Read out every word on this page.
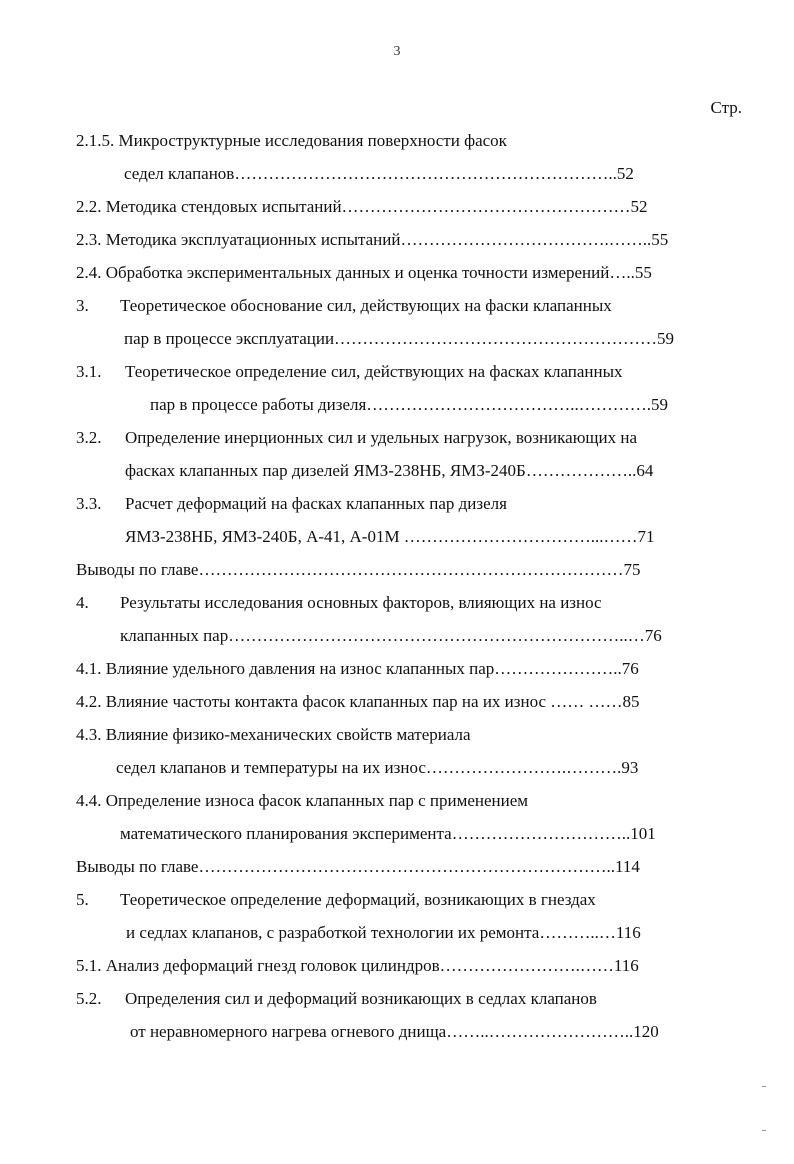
3
Стр.
2.1.5. Микроструктурные исследования поверхности фасок
седел клапанов…………………………………………………………..52
2.2. Методика стендовых испытаний……………………………………………52
2.3. Методика эксплуатационных испытаний……………………………….……..55
2.4. Обработка экспериментальных данных и оценка точности измерений…..55
3. Теоретическое обоснование сил, действующих на фаски клапанных
пар в процессе эксплуатации…………………………………………………59
3.1. Теоретическое определение сил, действующих на фасках клапанных
пар в процессе работы дизеля………………………………..………….59
3.2. Определение инерционных сил и удельных нагрузок, возникающих на
фасках клапанных пар дизелей ЯМЗ-238НБ, ЯМЗ-240Б………………..64
3.3. Расчет деформаций на фасках клапанных пар дизеля
ЯМЗ-238НБ, ЯМЗ-240Б, А-41, А-01М ……………………………...……71
Выводы по главе…………………………………………………………………75
4. Результаты исследования основных факторов, влияющих на износ
клапанных пар……………………………………………………………..…76
4.1. Влияние удельного давления на износ клапанных пар…………………..76
4.2. Влияние частоты контакта фасок клапанных пар на их износ …… ……85
4.3. Влияние физико-механических свойств материала
седел клапанов и температуры на их износ…………………….……….93
4.4. Определение износа фасок клапанных пар с применением
математического планирования эксперимента…………………………..101
Выводы по главе………………………………………………………………..114
5. Теоретическое определение деформаций, возникающих в гнездах
и седлах клапанов, с разработкой технологии их ремонта………..…116
5.1. Анализ деформаций гнезд головок цилиндров…………………….……116
5.2. Определения сил и деформаций возникающих в седлах клапанов
от неравномерного нагрева огневого днища……..……………………..120
